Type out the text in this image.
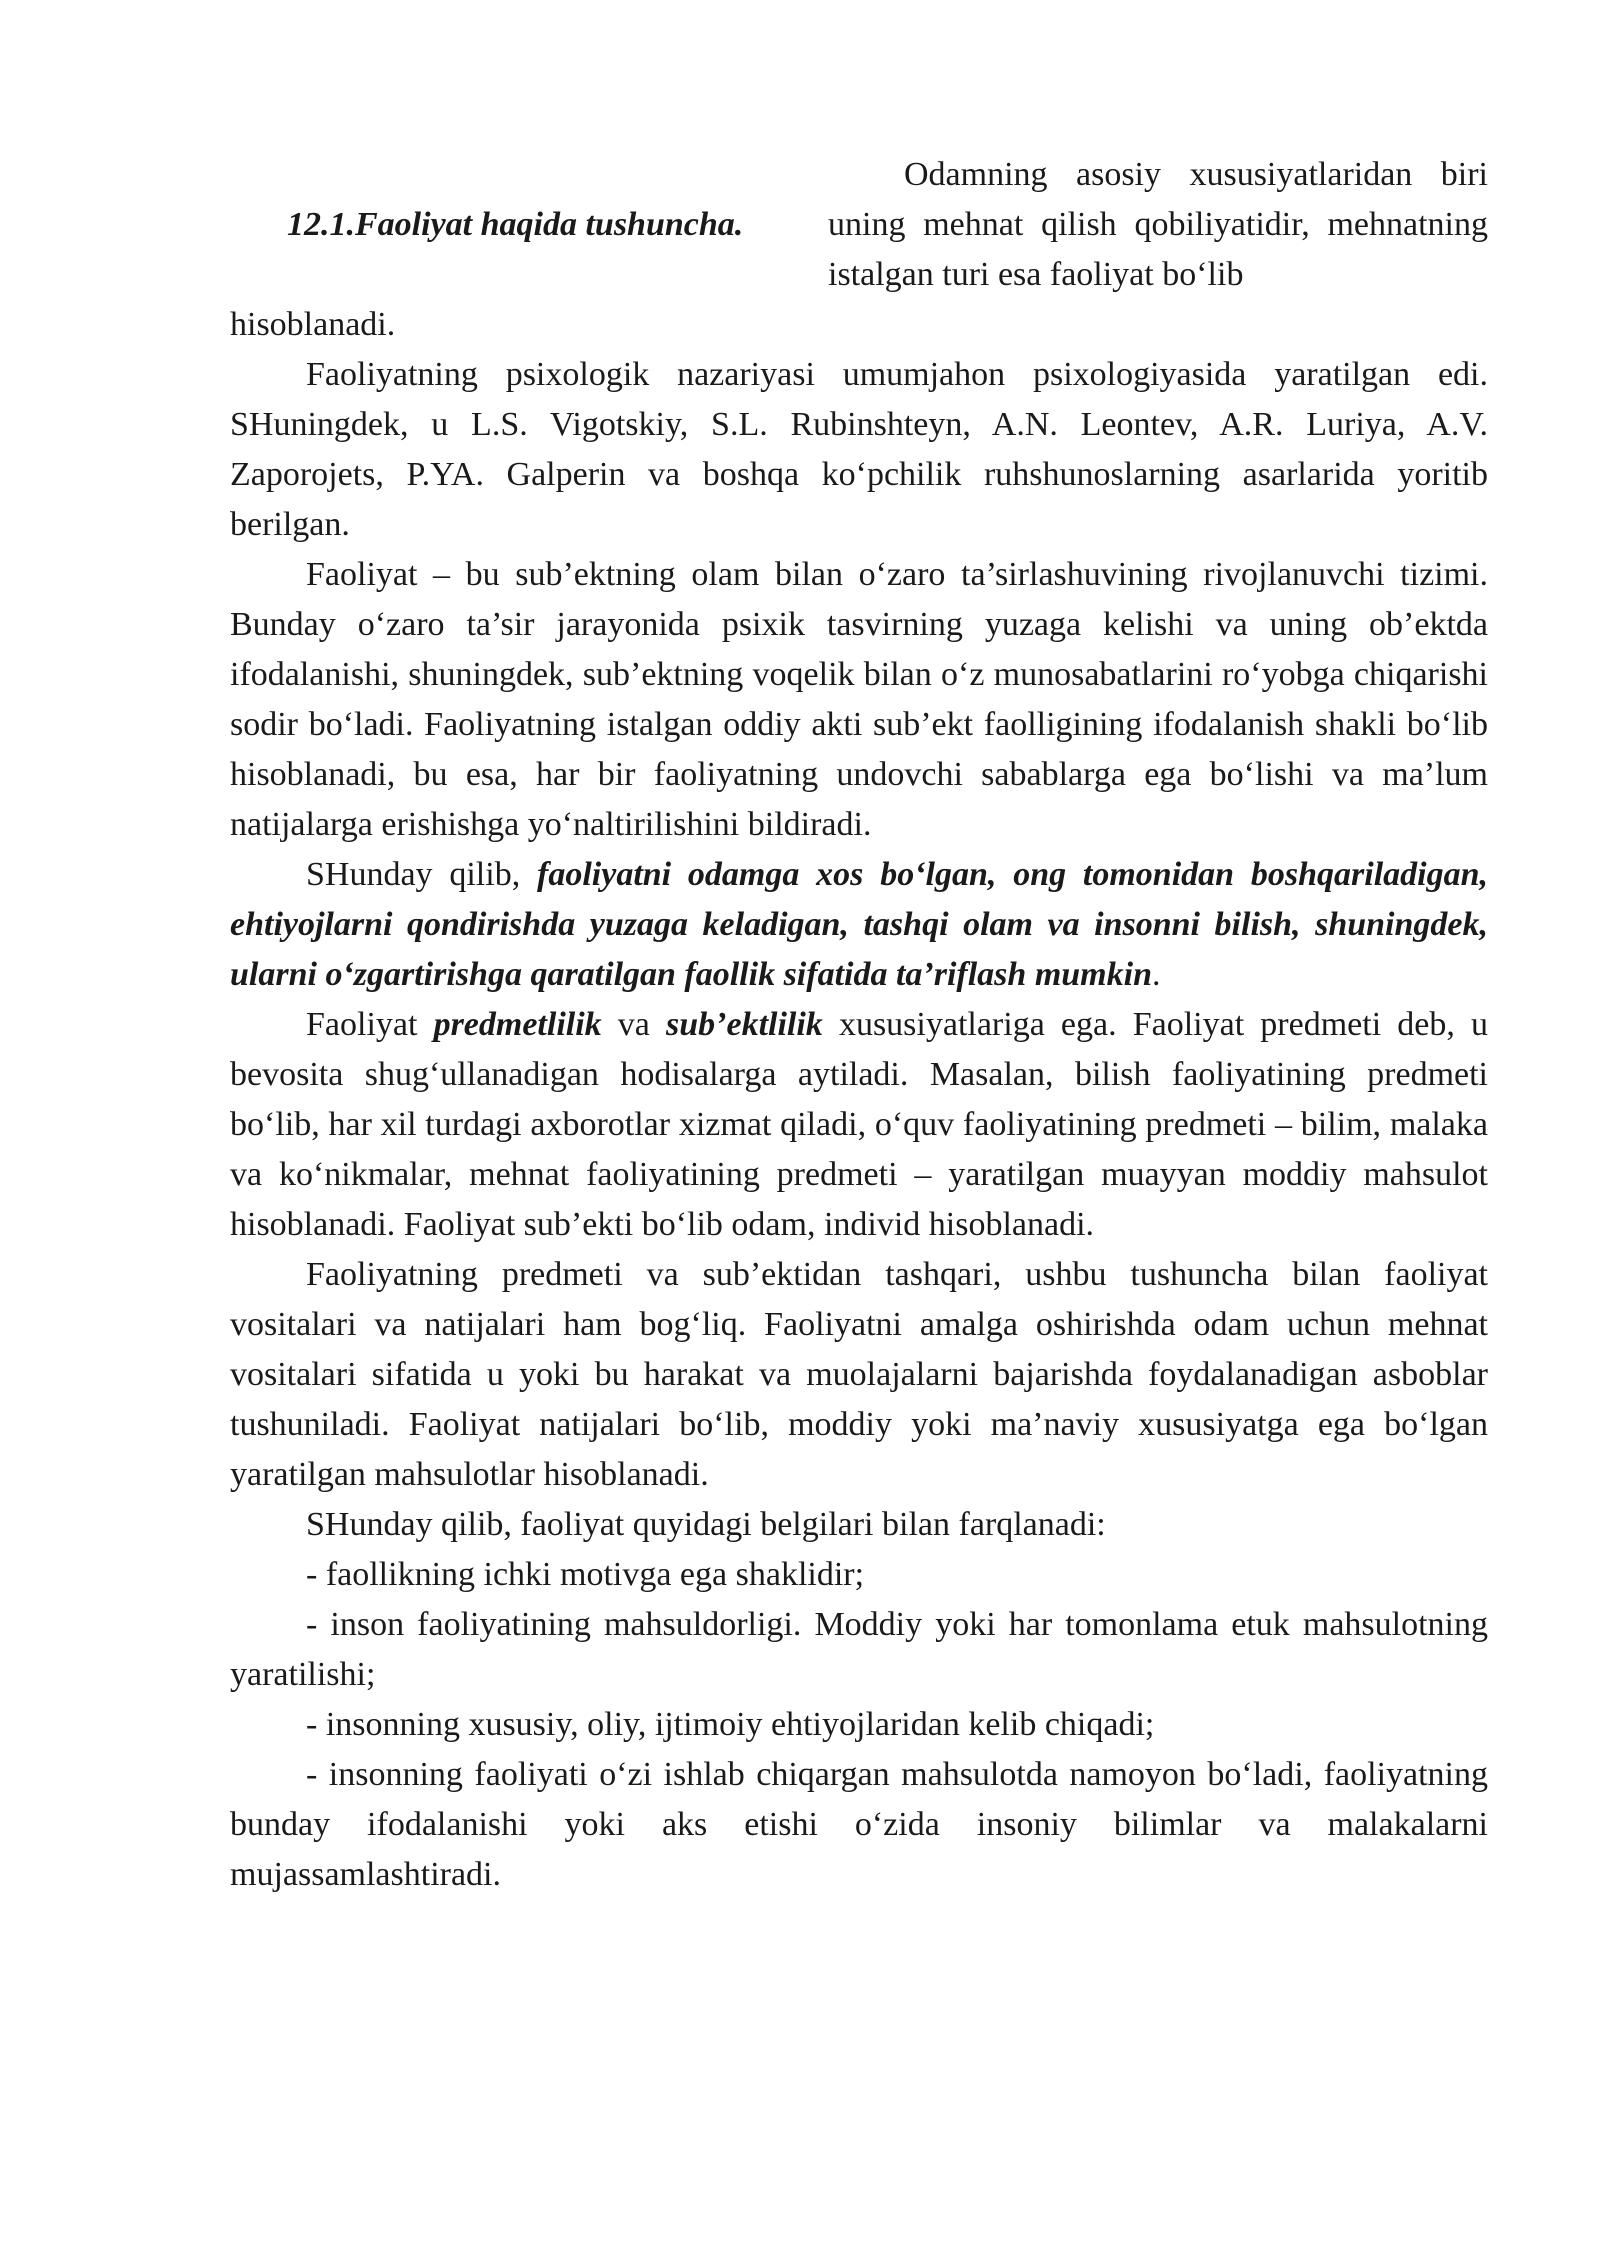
12.1.Faoliyat haqida tushuncha.
Odamning asosiy xususiyatlaridan biri uning mehnat qilish qobiliyatidir, mehnatning istalgan turi esa faoliyat bo‘lib

hisoblanadi.

Faoliyatning psixologik nazariyasi umumjahon psixologiyasida yaratilgan edi. SHuningdek, u L.S. Vigotskiy, S.L. Rubinshteyn, A.N. Leontev, A.R. Luriya, A.V. Zaporojets, P.YA. Galperin va boshqa ko‘pchilik ruhshunoslarning asarlarida yoritib berilgan.

Faoliyat – bu sub’ektning olam bilan o‘zaro ta’sirlashuvining rivojlanuvchi tizimi. Bunday o‘zaro ta’sir jarayonida psixik tasvirning yuzaga kelishi va uning ob’ektda ifodalanishi, shuningdek, sub’ektning voqelik bilan o‘z munosabatlarini ro‘yobga chiqarishi sodir bo‘ladi. Faoliyatning istalgan oddiy akti sub’ekt faolligining ifodalanish shakli bo‘lib hisoblanadi, bu esa, har bir faoliyatning undovchi sabablarga ega bo‘lishi va ma’lum natijalarga erishishga yo‘naltirilishini bildiradi.

SHunday qilib, faoliyatni odamga xos bo‘lgan, ong tomonidan boshqariladigan, ehtiyojlarni qondirishda yuzaga keladigan, tashqi olam va insonni bilish, shuningdek, ularni o‘zgartirishga qaratilgan faollik sifatida ta’riflash mumkin.

Faoliyat predmetlilik va sub’ektlilik xususiyatlariga ega. Faoliyat predmeti deb, u bevosita shug‘ullanadigan hodisalarga aytiladi. Masalan, bilish faoliyatining predmeti bo‘lib, har xil turdagi axborotlar xizmat qiladi, o‘quv faoliyatining predmeti – bilim, malaka va ko‘nikmalar, mehnat faoliyatining predmeti – yaratilgan muayyan moddiy mahsulot hisoblanadi. Faoliyat sub’ekti bo‘lib odam, individ hisoblanadi.

Faoliyatning predmeti va sub’ektidan tashqari, ushbu tushuncha bilan faoliyat vositalari va natijalari ham bog‘liq. Faoliyatni amalga oshirishda odam uchun mehnat vositalari sifatida u yoki bu harakat va muolajalarni bajarishda foydalanadigan asboblar tushuniladi. Faoliyat natijalari bo‘lib, moddiy yoki ma’naviy xususiyatga ega bo‘lgan yaratilgan mahsulotlar hisoblanadi.

SHunday qilib, faoliyat quyidagi belgilari bilan farqlanadi:

- faollikning ichki motivga ega shaklidir;

- inson faoliyatining mahsuldorligi. Moddiy yoki har tomonlama etuk mahsulotning yaratilishi;

- insonning xususiy, oliy, ijtimoiy ehtiyojlaridan kelib chiqadi;

- insonning faoliyati o‘zi ishlab chiqargan mahsulotda namoyon bo‘ladi, faoliyatning bunday ifodalanishi yoki aks etishi o‘zida insoniy bilimlar va malakalarni mujassamlashtiradi.
